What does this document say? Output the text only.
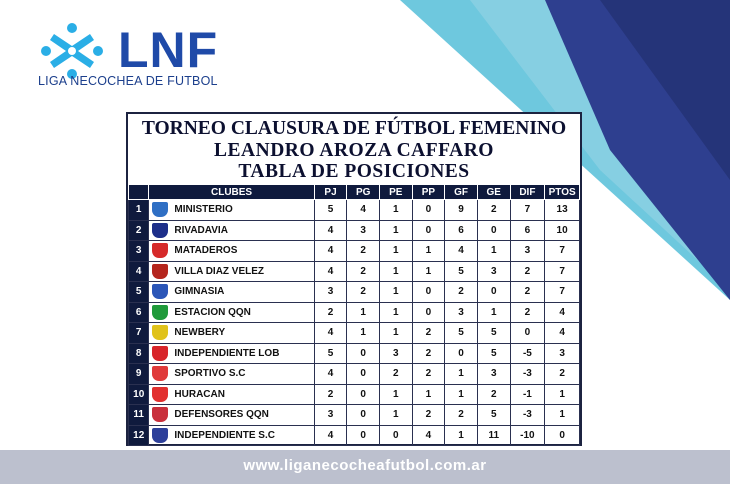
LNF
LIGA NECOCHEA DE FUTBOL
TORNEO CLAUSURA DE FÚTBOL FEMENINO
LEANDRO AROZA CAFFARO
TABLA DE POSICIONES
	CLUBES	PJ	PG	PE	PP	GF	GE	DIF	PTOS
1	MINISTERIO	5	4	1	0	9	2	7	13
2	RIVADAVIA	4	3	1	0	6	0	6	10
3	MATADEROS	4	2	1	1	4	1	3	7
4	VILLA DIAZ VELEZ	4	2	1	1	5	3	2	7
5	GIMNASIA	3	2	1	0	2	0	2	7
6	ESTACION QQN	2	1	1	0	3	1	2	4
7	NEWBERY	4	1	1	2	5	5	0	4
8	INDEPENDIENTE LOB	5	0	3	2	0	5	-5	3
9	SPORTIVO S.C	4	0	2	2	1	3	-3	2
10	HURACAN	2	0	1	1	1	2	-1	1
11	DEFENSORES QQN	3	0	1	2	2	5	-3	1
12	INDEPENDIENTE S.C	4	0	0	4	1	11	-10	0
www.liganecocheafutbol.com.ar
